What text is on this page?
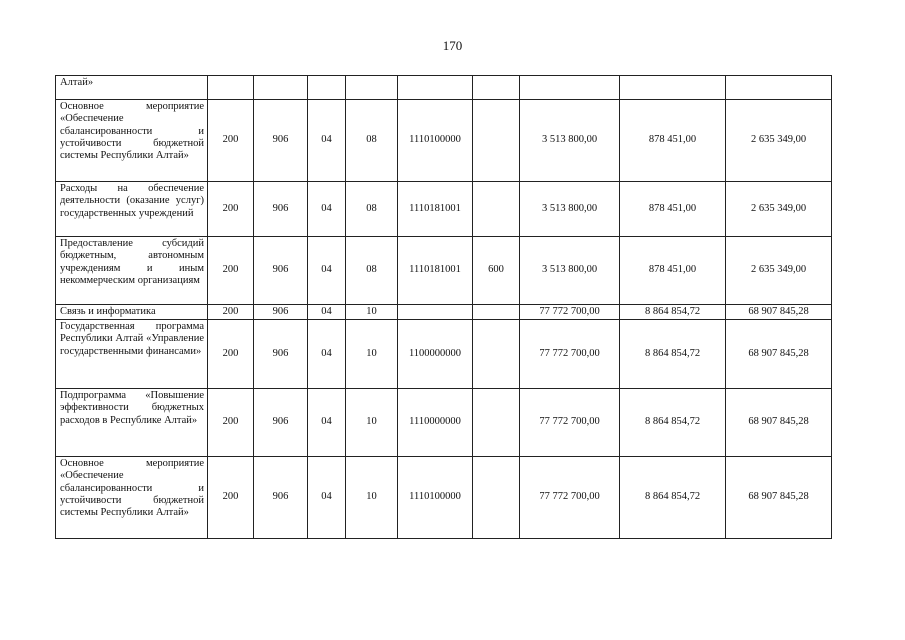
170
Алтай»									
Основное мероприятие «Обеспечение сбалансированности и устойчивости бюджетной системы Республики Алтай»	200	906	04	08	1110100000		3 513 800,00	878 451,00	2 635 349,00
Расходы на обеспечение деятельности (оказание услуг) государственных учреждений	200	906	04	08	1110181001		3 513 800,00	878 451,00	2 635 349,00
Предоставление субсидий бюджетным, автономным учреждениям и иным некоммерческим организациям	200	906	04	08	1110181001	600	3 513 800,00	878 451,00	2 635 349,00
Связь и информатика	200	906	04	10			77 772 700,00	8 864 854,72	68 907 845,28
Государственная программа Республики Алтай «Управление государственными финансами»	200	906	04	10	1100000000		77 772 700,00	8 864 854,72	68 907 845,28
Подпрограмма «Повышение эффективности бюджетных расходов в Республике Алтай»	200	906	04	10	1110000000		77 772 700,00	8 864 854,72	68 907 845,28
Основное мероприятие «Обеспечение сбалансированности и устойчивости бюджетной системы Республики Алтай»	200	906	04	10	1110100000		77 772 700,00	8 864 854,72	68 907 845,28
